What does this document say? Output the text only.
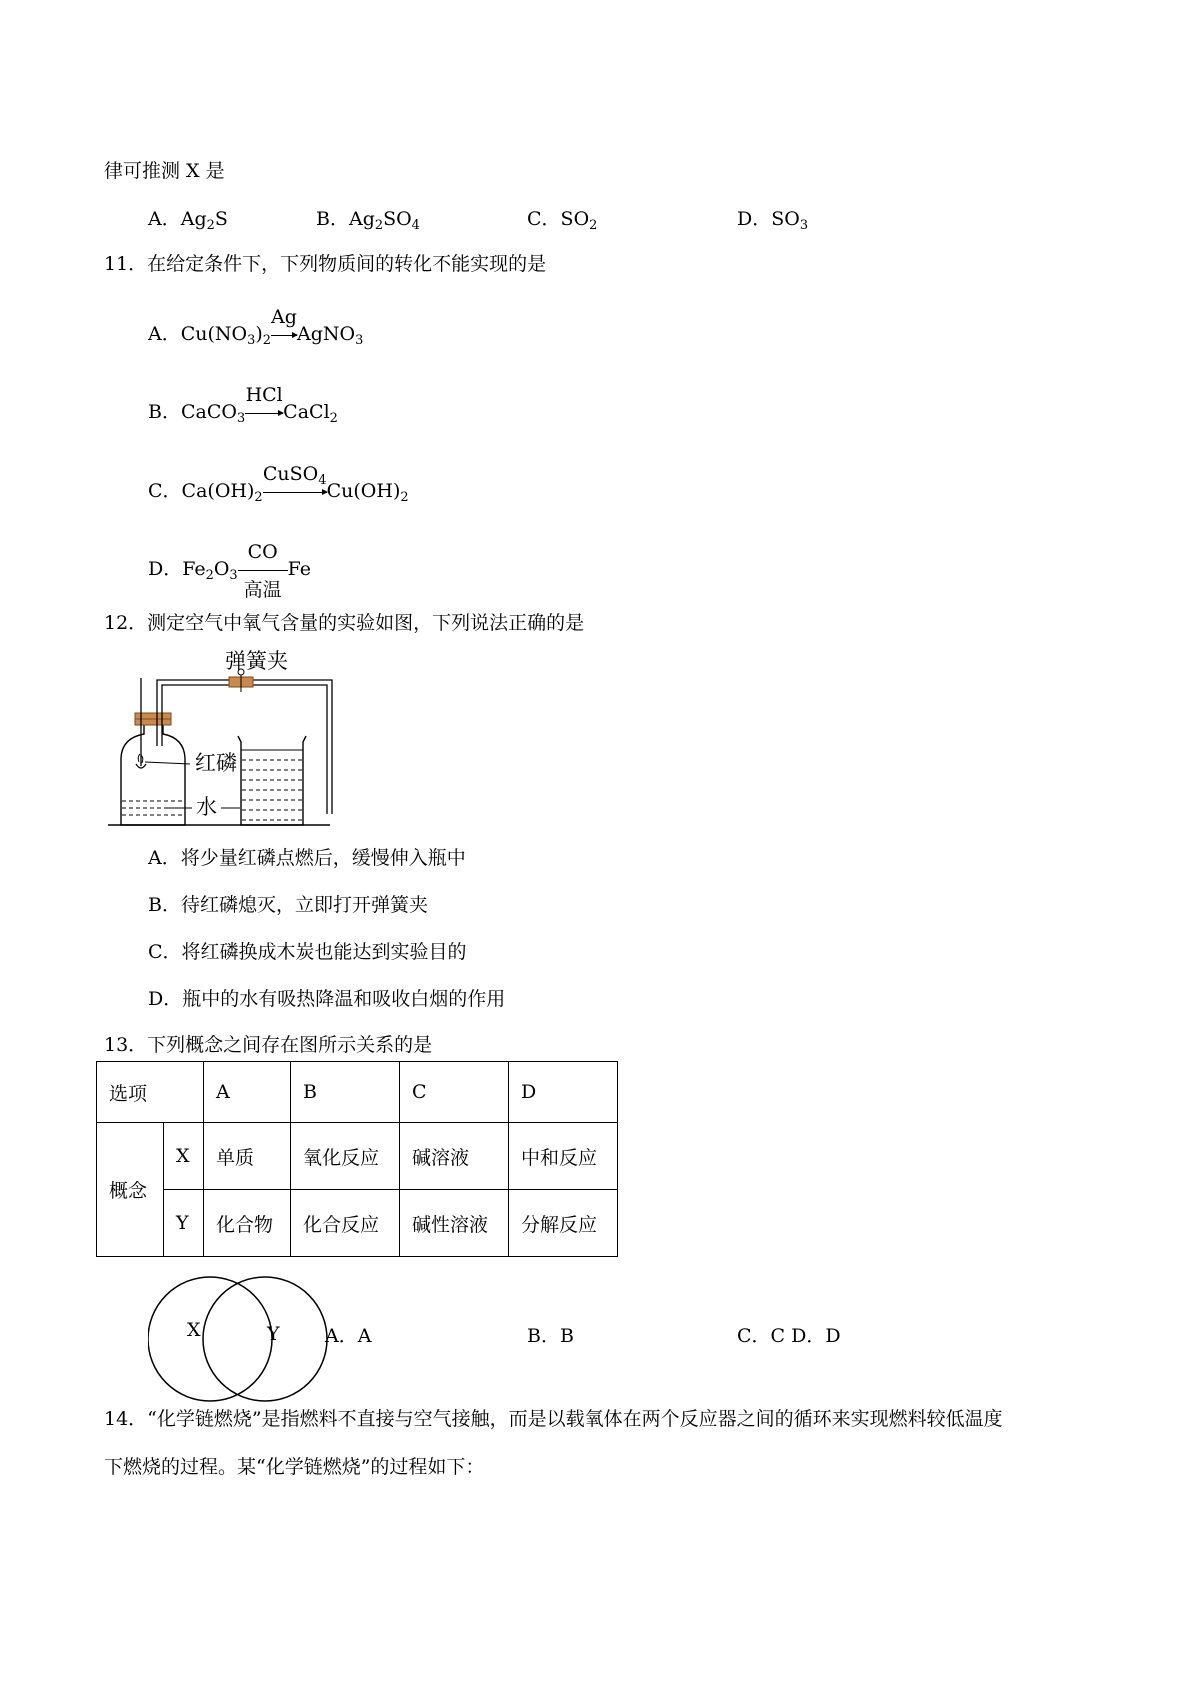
律可推测 X 是
A．$Ag_2S$	B．$Ag_2SO_4$	C．$SO_2$	D．$SO_3$
11．在给定条件下，下列物质间的转化不能实现的是
A．$Cu(NO_3)_2$
Ag
AgNO$_3$
B．CaCO$_3$
HCl
CaCl$_2$
C．$Ca(OH)_2$
CuSO$_4$ $Cu(OH)_2$
D．$Fe_2O_3$
CO
高温
Fe
12．测定空气中氧气含量的实验如图，下列说法正确的是
弹簧夹
红磷
水
A．将少量红磷点燃后，缓慢伸入瓶中
B．待红磷熄灭，立即打开弹簧夹
C．将红磷换成木炭也能达到实验目的
D．瓶中的水有吸热降温和吸收白烟的作用
13．下列概念之间存在图所示关系的是
选项		A	B	C	D
概念	X	单质	氧化反应	碱溶液	中和反应
	Y	化合物	化合反应	碱性溶液	分解反应
X	Y A．A	B．B	C．C D．D
14．“化学链燃烧”是指燃料不直接与空气接触，而是以载氧体在两个反应器之间的循环来实现燃料较低温度
下燃烧的过程。某“化学链燃烧”的过程如下：
